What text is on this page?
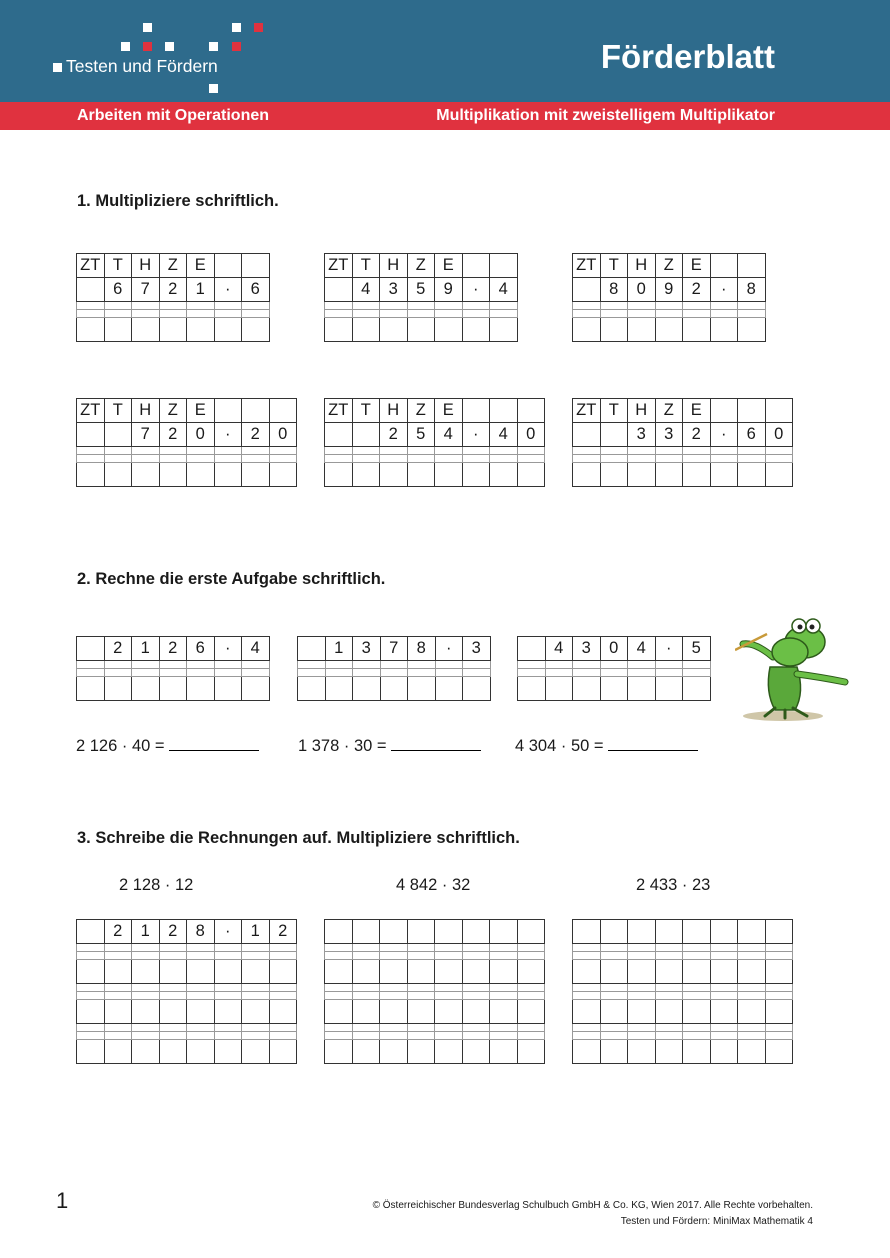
Testen und Fördern	Förderblatt
Arbeiten mit Operationen	Multiplikation mit zweistelligem Multiplikator
1. Multipliziere schriftlich.
ZT	T	H	Z	E		
	6	7	2	1	·	6

ZT	T	H	Z	E		
	4	3	5	9	·	4

ZT	T	H	Z	E		
	8	0	9	2	·	8

ZT	T	H	Z	E			
		7	2	0	·	2	0

ZT	T	H	Z	E			
		2	5	4	·	4	0

ZT	T	H	Z	E			
		3	3	2	·	6	0

2. Rechne die erste Aufgabe schriftlich.
	2	1	2	6	·	4

		1	3	7	8	·	3

		4	3	0	4	·	5

2 126 · 40 =	1 378 · 30 =	4 304 · 50 =
3. Schreibe die Rechnungen auf. Multipliziere schriftlich.
2 128 · 12	4 842 · 32	2 433 · 23
	2	1	2	8	·	1	2

1	© Österreichischer Bundesverlag Schulbuch GmbH & Co. KG, Wien 2017. Alle Rechte vorbehalten.
Testen und Fördern: MiniMax Mathematik 4
